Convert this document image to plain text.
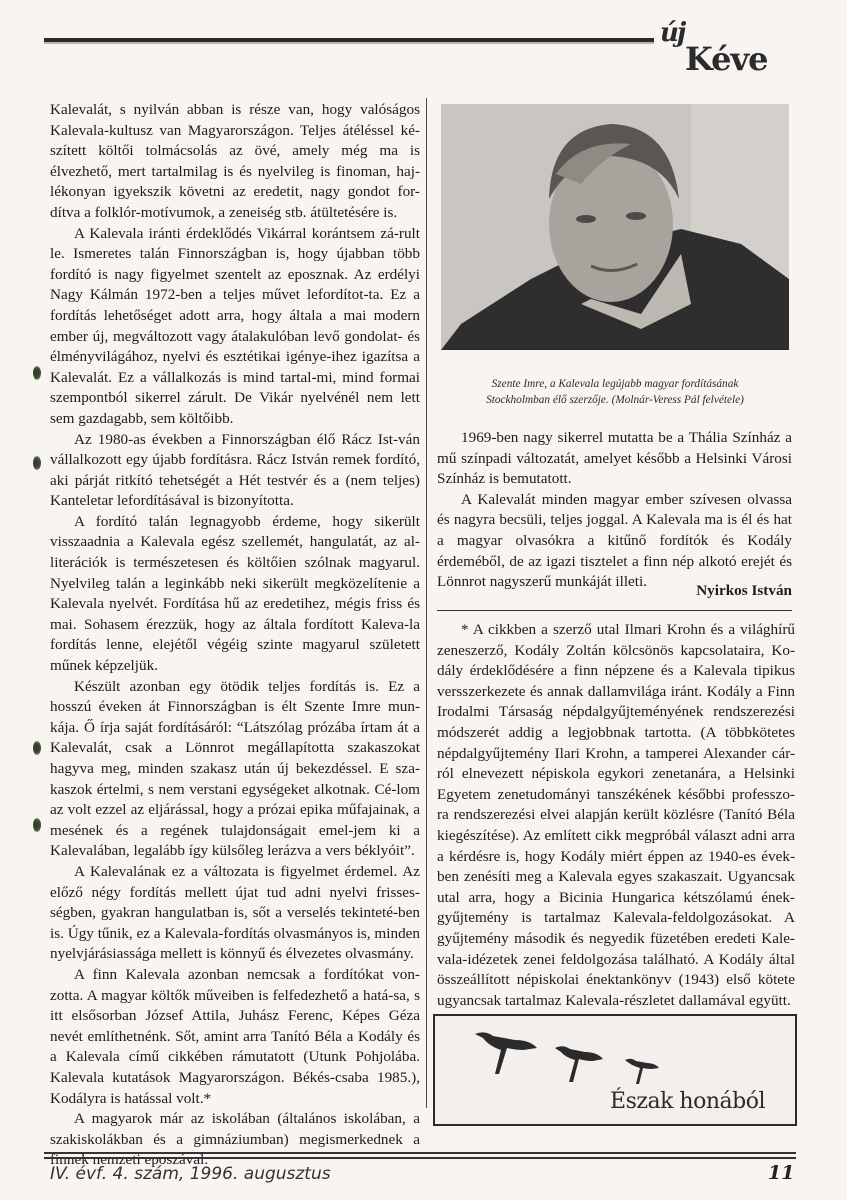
új
Kéve

Kalevalát, s nyilván abban is része van, hogy valóságos Kalevala-kultusz van Magyarországon. Teljes átéléssel ké-szített költői tolmácsolás az övé, amely még ma is élvezhető, mert tartalmilag is és nyelvileg is finoman, haj-lékonyan igyekszik követni az eredetit, nagy gondot for-dítva a folklór-motívumok, a zeneiség stb. átültetésére is.

A Kalevala iránti érdeklődés Vikárral korántsem zá-rult le. Ismeretes talán Finnországban is, hogy újabban több fordító is nagy figyelmet szentelt az eposznak. Az erdélyi Nagy Kálmán 1972-ben a teljes művet lefordítot-ta. Ez a fordítás lehetőséget adott arra, hogy általa a mai modern ember új, megváltozott vagy átalakulóban levő gondolat- és élményvilágához, nyelvi és esztétikai igénye-ihez igazítsa a Kalevalát. Ez a vállalkozás is mind tartal-mi, mind formai szempontból sikerrel zárult. De Vikár nyelvénél nem lett sem gazdagabb, sem költőibb.

Az 1980-as években a Finnországban élő Rácz Ist-ván vállalkozott egy újabb fordításra. Rácz István remek fordító, aki párját ritkító tehetségét a Hét testvér és a (nem teljes) Kanteletar lefordításával is bizonyította.

A fordító talán legnagyobb érdeme, hogy sikerült visszaadnia a Kalevala egész szellemét, hangulatát, az al-literációk is természetesen és költőien szólnak magyarul. Nyelvileg talán a leginkább neki sikerült megközelítenie a Kalevala nyelvét. Fordítása hű az eredetihez, mégis friss és mai. Sohasem érezzük, hogy az általa fordított Kaleva-la fordítás lenne, elejétől végéig szinte magyarul született műnek képzeljük.

Készült azonban egy ötödik teljes fordítás is. Ez a hosszú éveken át Finnországban is élt Szente Imre mun-kája. Ő írja saját fordításáról: “Látszólag prózába írtam át a Kalevalát, csak a Lönnrot megállapította szakaszokat hagyva meg, minden szakasz után új bekezdéssel. E sza-kaszok értelmi, s nem verstani egységeket alkotnak. Cé-lom az volt ezzel az eljárással, hogy a prózai epika műfajainak, a mesének és a regének tulajdonságait emel-jem ki a Kalevalában, legalább így külsőleg lerázva a vers béklyóit”.

A Kalevalának ez a változata is figyelmet érdemel. Az előző négy fordítás mellett újat tud adni nyelvi frisses-ségben, gyakran hangulatban is, sőt a verselés tekinteté-ben is. Úgy tűnik, ez a Kalevala-fordítás olvasmányos is, minden nyelvjárásiassága mellett is könnyű és élvezetes olvasmány.

A finn Kalevala azonban nemcsak a fordítókat von-zotta. A magyar költők műveiben is felfedezhető a hatá-sa, s itt elsősorban József Attila, Juhász Ferenc, Képes Géza nevét említhetnénk. Sőt, amint arra Tanító Béla a Kodály és a Kalevala című cikkében rámutatott (Utunk Pohjolába. Kalevala kutatások Magyarországon. Békés-csaba 1985.), Kodályra is hatással volt.*

A magyarok már az iskolában (általános iskolában, a szakiskolákban és a gimnáziumban) megismerkednek a finnek nemzeti eposzával.

Szente Imre, a Kalevala legújabb magyar fordításának
Stockholmban élő szerzője. (Molnár-Veress Pál felvétele)

1969-ben nagy sikerrel mutatta be a Thália Színház a mű színpadi változatát, amelyet később a Helsinki Városi Színház is bemutatott.

A Kalevalát minden magyar ember szívesen olvassa és nagyra becsüli, teljes joggal. A Kalevala ma is él és hat a magyar olvasókra a kitűnő fordítók és Kodály érdeméből, de az igazi tisztelet a finn nép alkotó erejét és Lönnrot nagyszerű munkáját illeti.

Nyirkos István

* A cikkben a szerző utal Ilmari Krohn és a világhírű zeneszerző, Kodály Zoltán kölcsönös kapcsolataira, Ko-dály érdeklődésére a finn népzene és a Kalevala tipikus versszerkezete és annak dallamvilága iránt. Kodály a Finn Irodalmi Társaság népdalgyűjteményének rendszerezési módszerét addig a legjobbnak tartotta. (A többkötetes népdalgyűjtemény Ilari Krohn, a tamperei Alexander cár-ról elnevezett népiskola egykori zenetanára, a Helsinki Egyetem zenetudományi tanszékének későbbi professzo-ra rendszerezési elvei alapján került közlésre (Tanító Béla kiegészítése). Az említett cikk megpróbál választ adni arra a kérdésre is, hogy Kodály miért éppen az 1940-es évek-ben zenésíti meg a Kalevala egyes szakaszait. Ugyancsak utal arra, hogy a Bicinia Hungarica kétszólamú ének-gyűjtemény is tartalmaz Kalevala-feldolgozásokat. A gyűjtemény második és negyedik füzetében eredeti Kale-vala-idézetek zenei feldolgozása található. A Kodály által összeállított népiskolai énektankönyv (1943) első kötete ugyancsak tartalmaz Kalevala-részletet dallamával együtt.

Észak honából
IV. évf. 4. szám, 1996. augusztus	11
